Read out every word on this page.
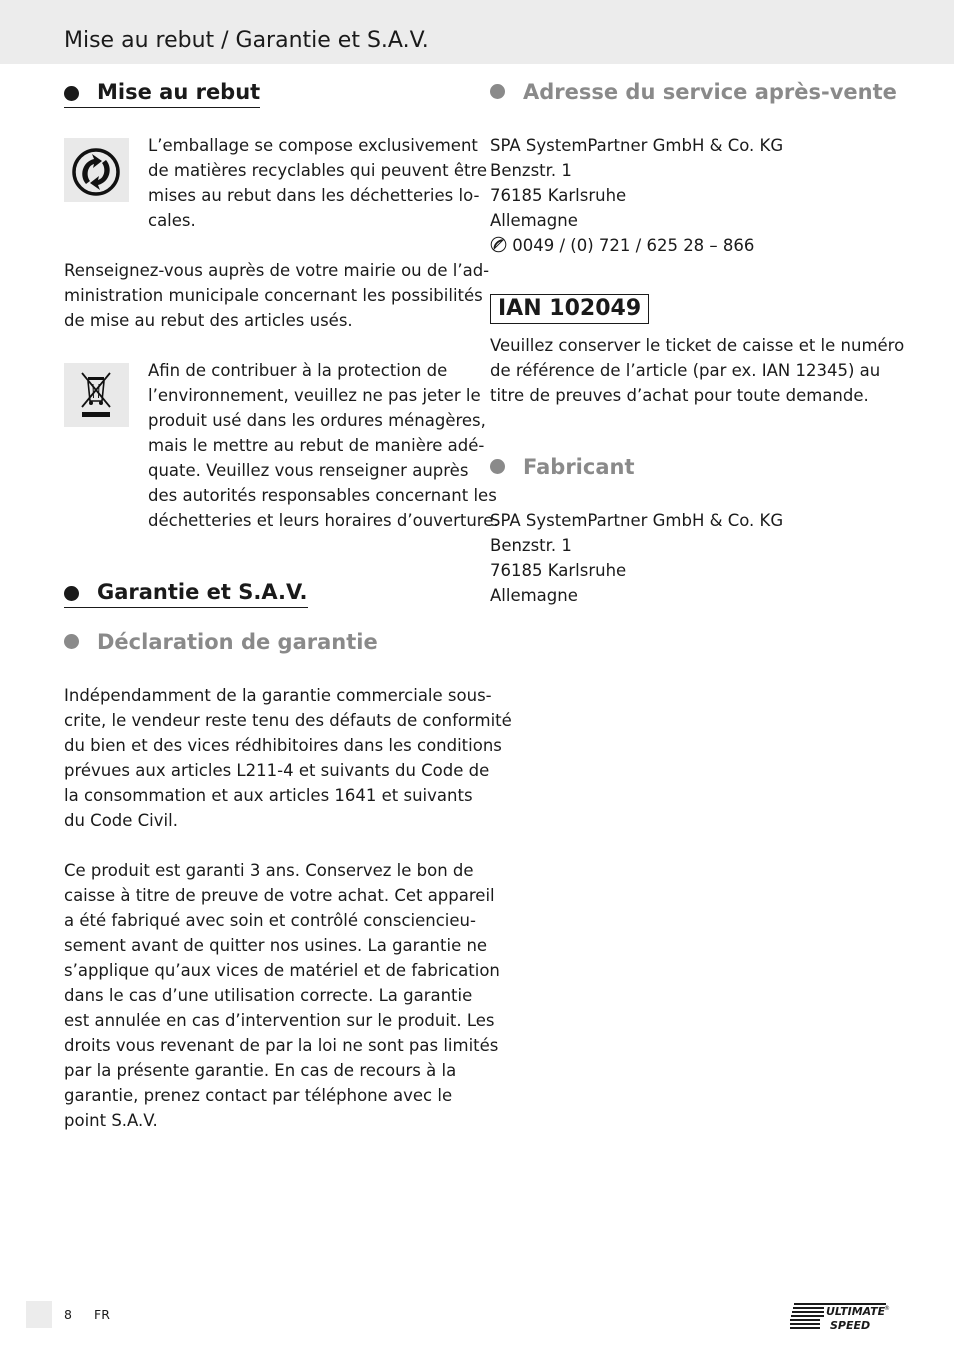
Mise au rebut / Garantie et S.A.V.
Mise au rebut

L’emballage se compose exclusivement
de matières recyclables qui peuvent être
mises au rebut dans les déchetteries lo-
cales.

Renseignez-vous auprès de votre mairie ou de l’ad-
ministration municipale concernant les possibilités
de mise au rebut des articles usés.

Afin de contribuer à la protection de
l’environnement, veuillez ne pas jeter le
produit usé dans les ordures ménagères,
mais le mettre au rebut de manière adé-
quate. Veuillez vous renseigner auprès
des autorités responsables concernant les
déchetteries et leurs horaires d’ouverture.

Garantie et S.A.V.
Déclaration de garantie

Indépendamment de la garantie commerciale sous-
crite, le vendeur reste tenu des défauts de conformité
du bien et des vices rédhibitoires dans les conditions
prévues aux articles L211-4 et suivants du Code de
la consommation et aux articles 1641 et suivants
du Code Civil.

Ce produit est garanti 3 ans. Conservez le bon de
caisse à titre de preuve de votre achat. Cet appareil
a été fabriqué avec soin et contrôlé consciencieu-
sement avant de quitter nos usines. La garantie ne
s’applique qu’aux vices de matériel et de fabrication
dans le cas d’une utilisation correcte. La garantie
est annulée en cas d’intervention sur le produit. Les
droits vous revenant de par la loi ne sont pas limités
par la présente garantie. En cas de recours à la
garantie, prenez contact par téléphone avec le
point S.A.V.

Adresse du service après-vente
SPA SystemPartner GmbH & Co. KG
Benzstr. 1
76185 Karlsruhe
Allemagne
0049 / (0) 721 / 625 28 – 866
IAN 102049

Veuillez conserver le ticket de caisse et le numéro
de référence de l’article (par ex. IAN 12345) au
titre de preuves d’achat pour toute demande.

Fabricant
SPA SystemPartner GmbH & Co. KG
Benzstr. 1
76185 Karlsruhe
Allemagne
8 FR	ULTIMATE
SPEED
®
